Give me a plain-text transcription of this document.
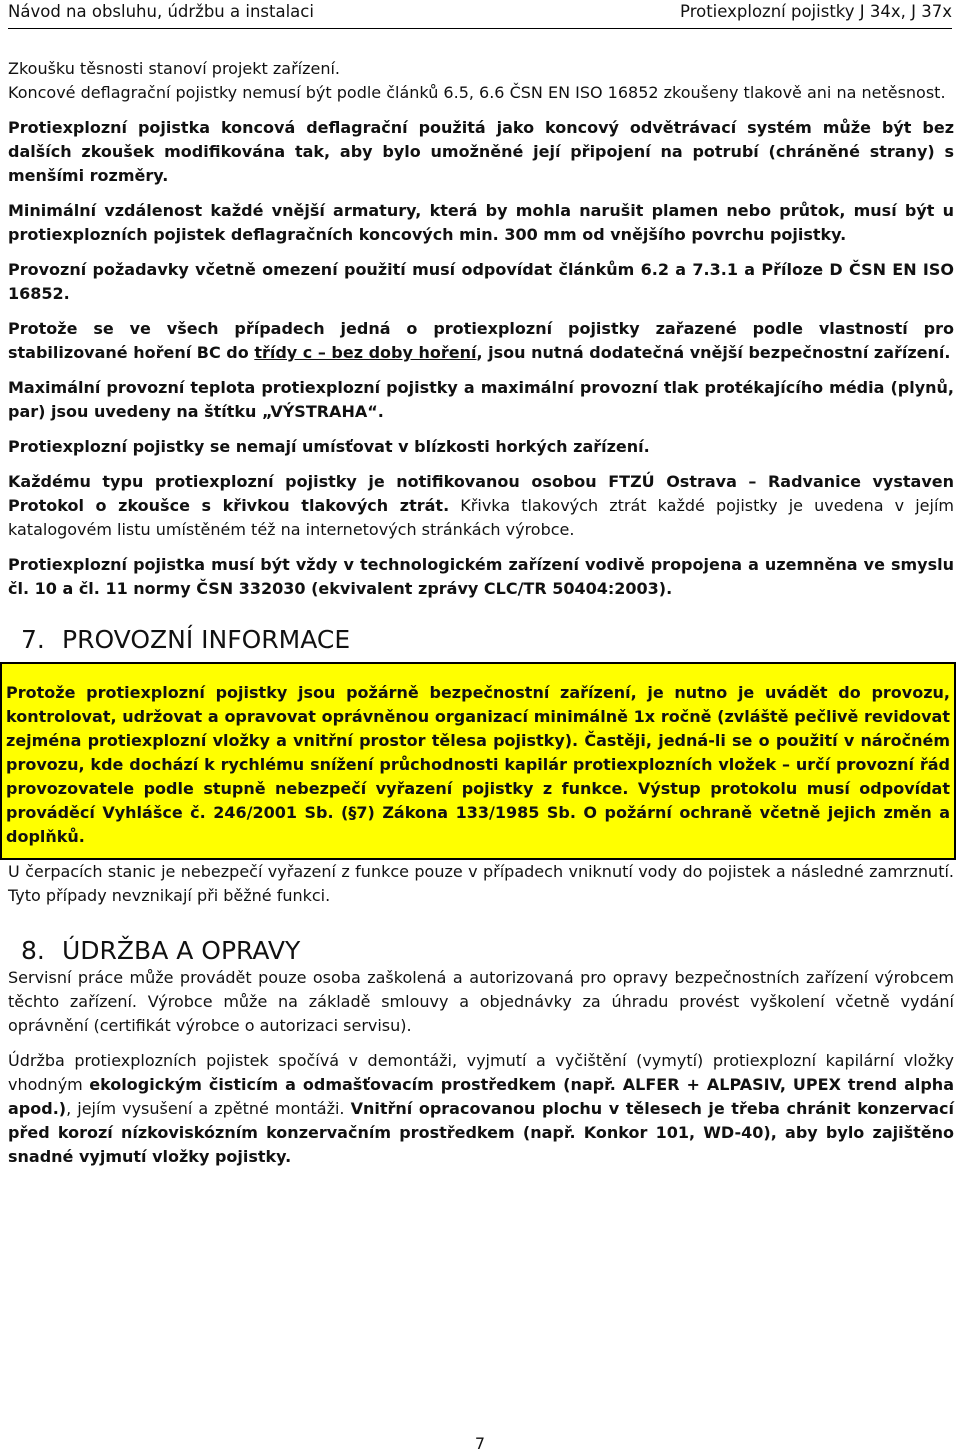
Návod na obsluhu, údržbu a instalaci	Protiexplozní pojistky J 34x, J 37x

Zkoušku těsnosti stanoví projekt zařízení.

Koncové deflagrační pojistky nemusí být podle článků 6.5, 6.6 ČSN EN ISO 16852 zkoušeny tlakově ani na netěsnost.

Protiexplozní pojistka koncová deflagrační použitá jako koncový odvětrávací systém může být bez dalších zkoušek modifikována tak, aby bylo umožněné její připojení na potrubí (chráněné strany) s menšími rozměry.

Minimální vzdálenost každé vnější armatury, která by mohla narušit plamen nebo průtok, musí být u protiexplozních pojistek deflagračních koncových min. 300 mm od vnějšího povrchu pojistky.

Provozní požadavky včetně omezení použití musí odpovídat článkům 6.2 a 7.3.1 a Příloze D ČSN EN ISO 16852.

Protože se ve všech případech jedná o protiexplozní pojistky zařazené podle vlastností pro stabilizované hoření BC do třídy c – bez doby hoření, jsou nutná dodatečná vnější bezpečnostní zařízení.

Maximální provozní teplota protiexplozní pojistky a maximální provozní tlak protékajícího média (plynů, par) jsou uvedeny na štítku „VÝSTRAHA“.

Protiexplozní pojistky se nemají umísťovat v blízkosti horkých zařízení.

Každému typu protiexplozní pojistky je notifikovanou osobou FTZÚ Ostrava – Radvanice vystaven Protokol o zkoušce s křivkou tlakových ztrát. Křivka tlakových ztrát každé pojistky je uvedena v jejím katalogovém listu umístěném též na internetových stránkách výrobce.

Protiexplozní pojistka musí být vždy v technologickém zařízení vodivě propojena a uzemněna ve smyslu čl. 10 a čl. 11 normy ČSN 332030 (ekvivalent zprávy CLC/TR 50404:2003).

7. PROVOZNÍ INFORMACE
Protože protiexplozní pojistky jsou požárně bezpečnostní zařízení, je nutno je uvádět do provozu, kontrolovat, udržovat a opravovat oprávněnou organizací minimálně 1x ročně (zvláště pečlivě revidovat zejména protiexplozní vložky a vnitřní prostor tělesa pojistky). Častěji, jedná-li se o použití v náročném provozu, kde dochází k rychlému snížení průchodnosti kapilár protiexplozních vložek – určí provozní řád provozovatele podle stupně nebezpečí vyřazení pojistky z funkce. Výstup protokolu musí odpovídat prováděcí Vyhlášce č. 246/2001 Sb. (§7) Zákona 133/1985 Sb. O požární ochraně včetně jejich změn a doplňků.

U čerpacích stanic je nebezpečí vyřazení z funkce pouze v případech vniknutí vody do pojistek a následné zamrznutí. Tyto případy nevznikají při běžné funkci.

8. ÚDRŽBA A OPRAVY

Servisní práce může provádět pouze osoba zaškolená a autorizovaná pro opravy bezpečnostních zařízení výrobcem těchto zařízení. Výrobce může na základě smlouvy a objednávky za úhradu provést vyškolení včetně vydání oprávnění (certifikát výrobce o autorizaci servisu).

Údržba protiexplozních pojistek spočívá v demontáži, vyjmutí a vyčištění (vymytí) protiexplozní kapilární vložky vhodným ekologickým čisticím a odmašťovacím prostředkem (např. ALFER + ALPASIV, UPEX trend alpha apod.), jejím vysušení a zpětné montáži. Vnitřní opracovanou plochu v tělesech je třeba chránit konzervací před korozí nízkoviskózním konzervačním prostředkem (např. Konkor 101, WD-40), aby bylo zajištěno snadné vyjmutí vložky pojistky.

7
